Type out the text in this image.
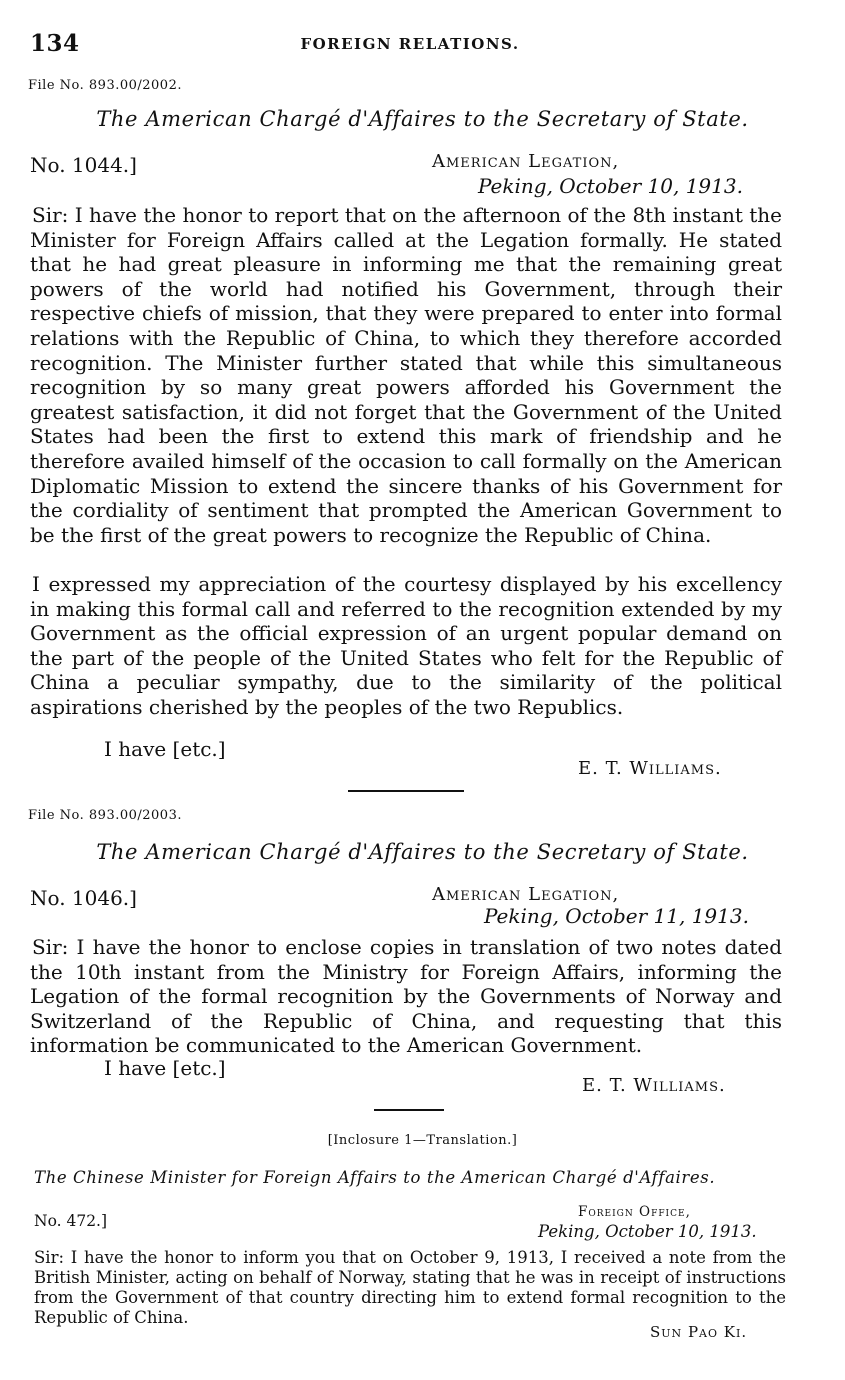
134	FOREIGN RELATIONS.
File No. 893.00/2002.
The American Chargé d'Affaires to the Secretary of State.
No. 1044.]	American Legation,
Peking, October 10, 1913.

Sir: I have the honor to report that on the afternoon of the 8th instant the Minister for Foreign Affairs called at the Legation formally. He stated that he had great pleasure in informing me that the remaining great powers of the world had notified his Government, through their respective chiefs of mission, that they were prepared to enter into formal relations with the Republic of China, to which they therefore accorded recognition. The Minister further stated that while this simultaneous recognition by so many great powers afforded his Government the greatest satisfaction, it did not forget that the Government of the United States had been the first to extend this mark of friendship and he therefore availed himself of the occasion to call formally on the American Diplomatic Mission to extend the sincere thanks of his Government for the cordiality of sentiment that prompted the American Government to be the first of the great powers to recognize the Republic of China.

I expressed my appreciation of the courtesy displayed by his excellency in making this formal call and referred to the recognition extended by my Government as the official expression of an urgent popular demand on the part of the people of the United States who felt for the Republic of China a peculiar sympathy, due to the similarity of the political aspirations cherished by the peoples of the two Republics.

I have [etc.]
E. T. Williams.
File No. 893.00/2003.
The American Chargé d'Affaires to the Secretary of State.
No. 1046.]	American Legation,
Peking, October 11, 1913.

Sir: I have the honor to enclose copies in translation of two notes dated the 10th instant from the Ministry for Foreign Affairs, informing the Legation of the formal recognition by the Governments of Norway and Switzerland of the Republic of China, and requesting that this information be communicated to the American Government.

I have [etc.]
E. T. Williams.
[Inclosure 1—Translation.]
The Chinese Minister for Foreign Affairs to the American Chargé d'Affaires.
No. 472.]	Foreign Office,
Peking, October 10, 1913.

Sir: I have the honor to inform you that on October 9, 1913, I received a note from the British Minister, acting on behalf of Norway, stating that he was in receipt of instructions from the Government of that country directing him to extend formal recognition to the Republic of China.

Sun Pao Ki.
